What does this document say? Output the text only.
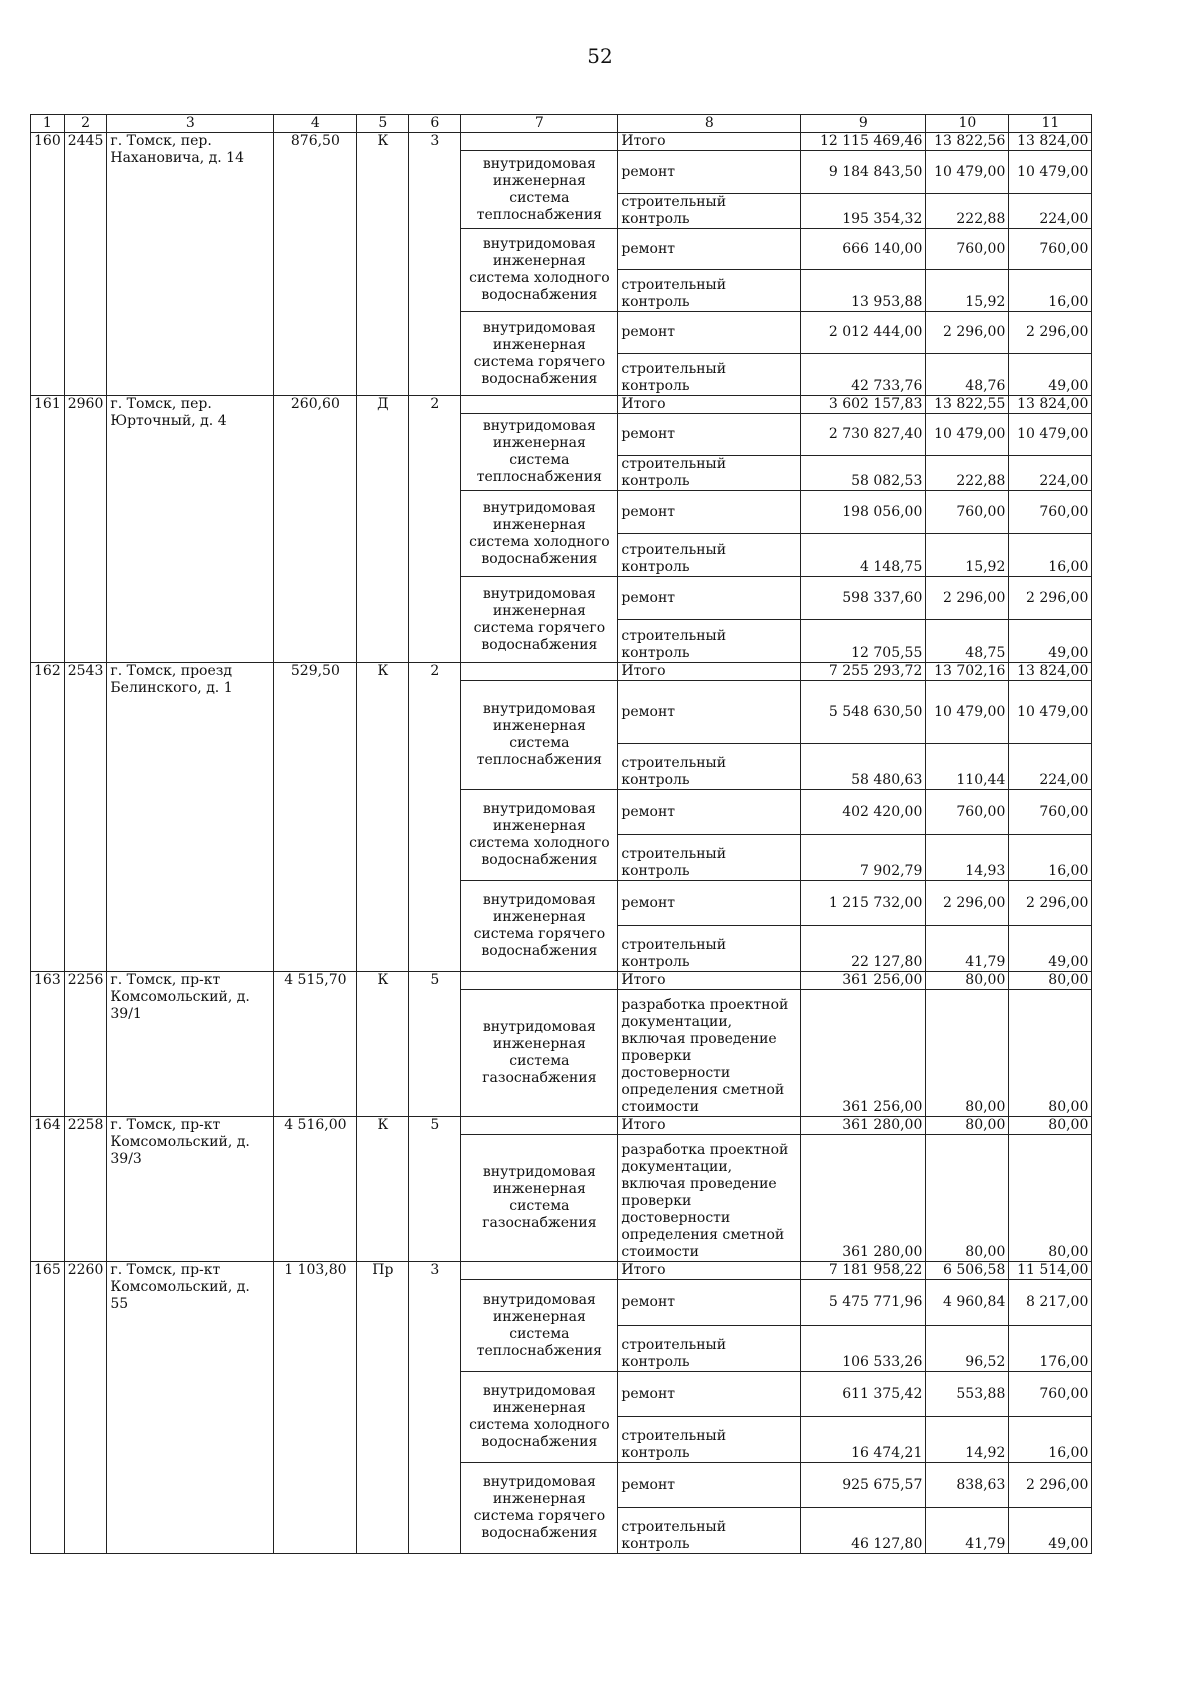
52
1	2	3	4	5	6	7	8	9	10	11
160	2445	г. Томск, пер. Нахановича, д. 14	876,50	К	3		Итого	12 115 469,46	13 822,56	13 824,00
						внутридомовая инженерная система теплоснабжения	ремонт	9 184 843,50	10 479,00	10 479,00
							строительный контроль	195 354,32	222,88	224,00
						внутридомовая инженерная система холодного водоснабжения	ремонт	666 140,00	760,00	760,00
							строительный контроль	13 953,88	15,92	16,00
						внутридомовая инженерная система горячего водоснабжения	ремонт	2 012 444,00	2 296,00	2 296,00
							строительный контроль	42 733,76	48,76	49,00
161	2960	г. Томск, пер. Юрточный, д. 4	260,60	Д	2		Итого	3 602 157,83	13 822,55	13 824,00
						внутридомовая инженерная система теплоснабжения	ремонт	2 730 827,40	10 479,00	10 479,00
							строительный контроль	58 082,53	222,88	224,00
						внутридомовая инженерная система холодного водоснабжения	ремонт	198 056,00	760,00	760,00
							строительный контроль	4 148,75	15,92	16,00
						внутридомовая инженерная система горячего водоснабжения	ремонт	598 337,60	2 296,00	2 296,00
							строительный контроль	12 705,55	48,75	49,00
162	2543	г. Томск, проезд Белинского, д. 1	529,50	К	2		Итого	7 255 293,72	13 702,16	13 824,00
						внутридомовая инженерная система теплоснабжения	ремонт	5 548 630,50	10 479,00	10 479,00
							строительный контроль	58 480,63	110,44	224,00
						внутридомовая инженерная система холодного водоснабжения	ремонт	402 420,00	760,00	760,00
							строительный контроль	7 902,79	14,93	16,00
						внутридомовая инженерная система горячего водоснабжения	ремонт	1 215 732,00	2 296,00	2 296,00
							строительный контроль	22 127,80	41,79	49,00
163	2256	г. Томск, пр-кт Комсомольский, д. 39/1	4 515,70	К	5		Итого	361 256,00	80,00	80,00
						внутридомовая инженерная система газоснабжения	разработка проектной документации, включая проведение проверки достоверности определения сметной стоимости	361 256,00	80,00	80,00
164	2258	г. Томск, пр-кт Комсомольский, д. 39/3	4 516,00	К	5		Итого	361 280,00	80,00	80,00
						внутридомовая инженерная система газоснабжения	разработка проектной документации, включая проведение проверки достоверности определения сметной стоимости	361 280,00	80,00	80,00
165	2260	г. Томск, пр-кт Комсомольский, д. 55	1 103,80	Пр	3		Итого	7 181 958,22	6 506,58	11 514,00
						внутридомовая инженерная система теплоснабжения	ремонт	5 475 771,96	4 960,84	8 217,00
							строительный контроль	106 533,26	96,52	176,00
						внутридомовая инженерная система холодного водоснабжения	ремонт	611 375,42	553,88	760,00
							строительный контроль	16 474,21	14,92	16,00
						внутридомовая инженерная система горячего водоснабжения	ремонт	925 675,57	838,63	2 296,00
							строительный контроль	46 127,80	41,79	49,00
